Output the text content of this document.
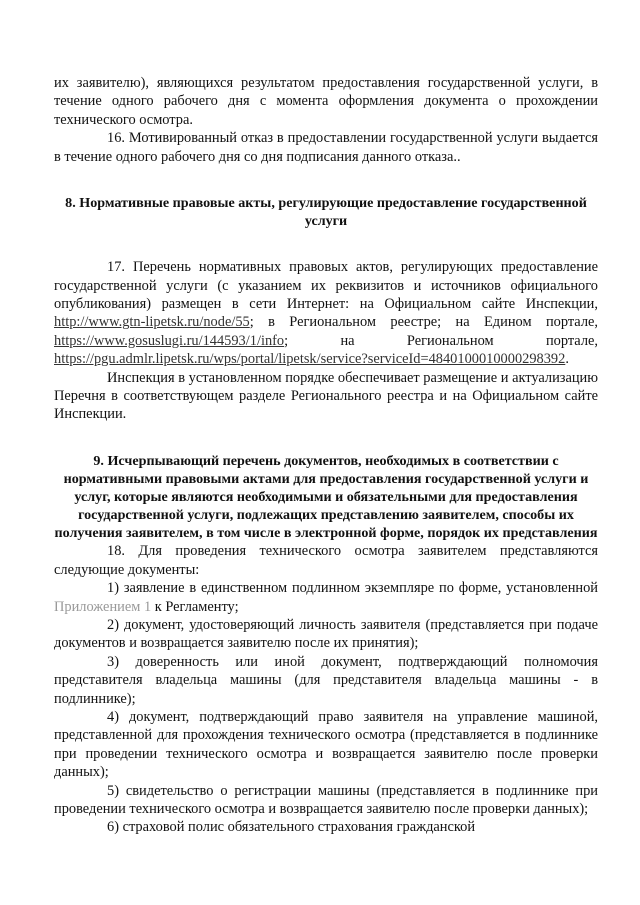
их заявителю), являющихся результатом предоставления государственной услуги, в течение одного рабочего дня с момента оформления документа о прохождении технического осмотра.

16. Мотивированный отказ в предоставлении государственной услуги выдается в течение одного рабочего дня со дня подписания данного отказа..

8. Нормативные правовые акты, регулирующие предоставление государственной услуги

17. Перечень нормативных правовых актов, регулирующих предоставление государственной услуги (с указанием их реквизитов и источников официального опубликования) размещен в сети Интернет: на Официальном сайте Инспекции, http://www.gtn-lipetsk.ru/node/55; в Региональном реестре; на Едином портале, https://www.gosuslugi.ru/144593/1/info; на Региональном портале, https://pgu.admlr.lipetsk.ru/wps/portal/lipetsk/service?serviceId=4840100010000298392.

Инспекция в установленном порядке обеспечивает размещение и актуализацию Перечня в соответствующем разделе Регионального реестра и на Официальном сайте Инспекции.

9. Исчерпывающий перечень документов, необходимых в соответствии с нормативными правовыми актами для предоставления государственной услуги и услуг, которые являются необходимыми и обязательными для предоставления государственной услуги, подлежащих представлению заявителем, способы их получения заявителем, в том числе в электронной форме, порядок их представления

18. Для проведения технического осмотра заявителем представляются следующие документы:

1) заявление в единственном подлинном экземпляре по форме, установленной Приложением 1 к Регламенту;

2) документ, удостоверяющий личность заявителя (представляется при подаче документов и возвращается заявителю после их принятия);

3) доверенность или иной документ, подтверждающий полномочия представителя владельца машины (для представителя владельца машины - в подлиннике);

4) документ, подтверждающий право заявителя на управление машиной, представленной для прохождения технического осмотра (представляется в подлиннике при проведении технического осмотра и возвращается заявителю после проверки данных);

5) свидетельство о регистрации машины (представляется в подлиннике при проведении технического осмотра и возвращается заявителю после проверки данных);

6) страховой полис обязательного страхования гражданской
